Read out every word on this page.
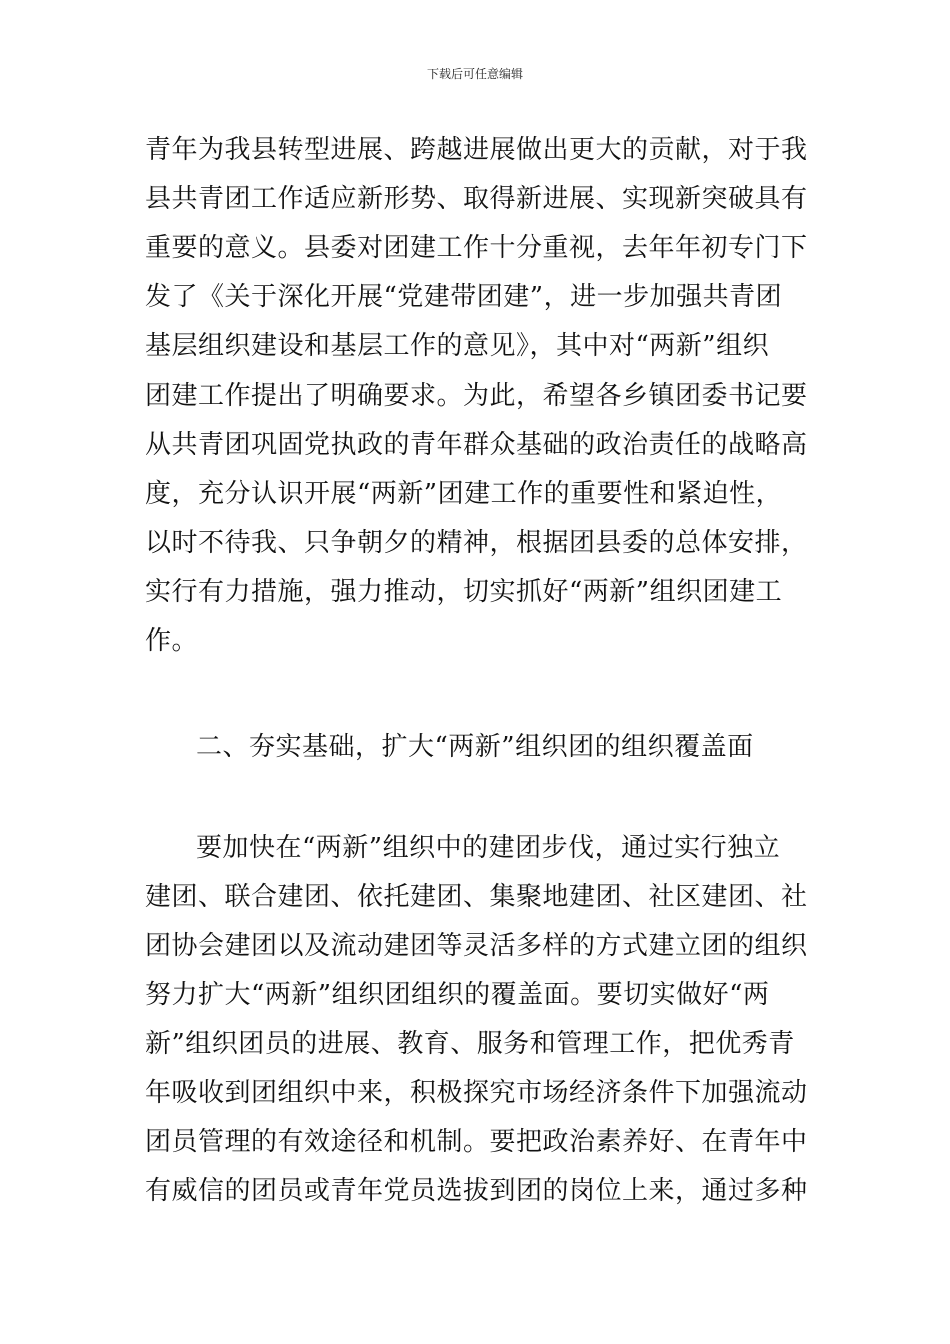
下载后可任意编辑
青年为我县转型进展、跨越进展做出更大的贡献，对于我
县共青团工作适应新形势、取得新进展、实现新突破具有
重要的意义。县委对团建工作十分重视，去年年初专门下
发了《关于深化开展“党建带团建”，进一步加强共青团
基层组织建设和基层工作的意见》，其中对“两新”组织
团建工作提出了明确要求。为此，希望各乡镇团委书记要
从共青团巩固党执政的青年群众基础的政治责任的战略高
度，充分认识开展“两新”团建工作的重要性和紧迫性，
以时不待我、只争朝夕的精神，根据团县委的总体安排，
实行有力措施，强力推动，切实抓好“两新”组织团建工
作。
二、夯实基础，扩大“两新”组织团的组织覆盖面
要加快在“两新”组织中的建团步伐，通过实行独立
建团、联合建团、依托建团、集聚地建团、社区建团、社
团协会建团以及流动建团等灵活多样的方式建立团的组织
努力扩大“两新”组织团组织的覆盖面。要切实做好“两
新”组织团员的进展、教育、服务和管理工作，把优秀青
年吸收到团组织中来，积极探究市场经济条件下加强流动
团员管理的有效途径和机制。要把政治素养好、在青年中
有威信的团员或青年党员选拔到团的岗位上来，通过多种
